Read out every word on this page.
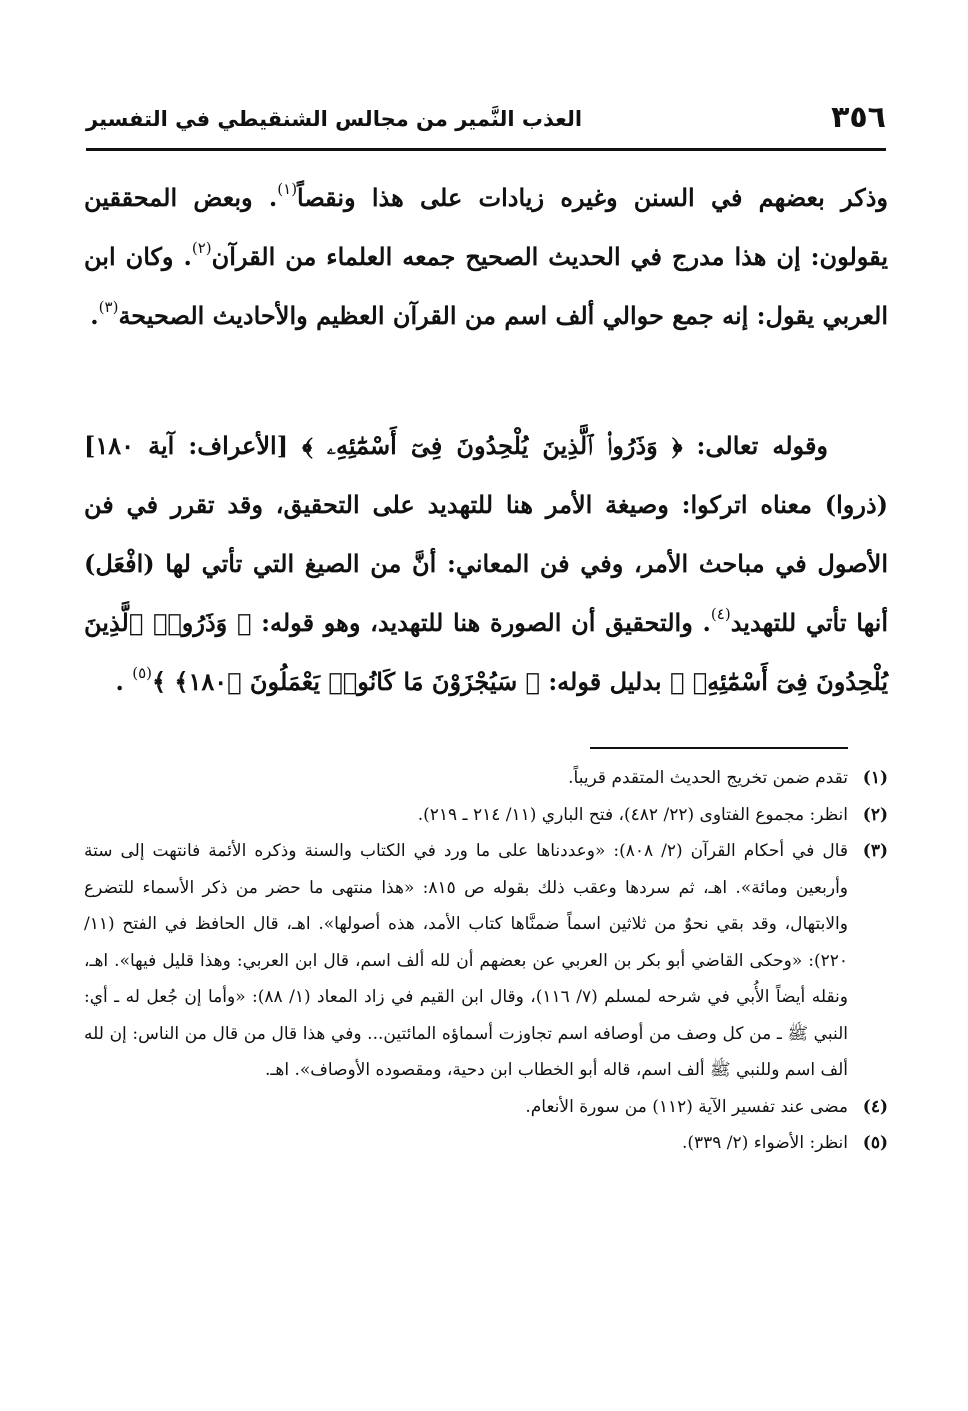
٣٥٦
العذب النَّمير من مجالس الشنقيطي في التفسير

وذكر بعضهم في السنن وغيره زيادات على هذا ونقصاً$^{(١)}$. وبعض المحققين يقولون: إن هذا مدرج في الحديث الصحيح جمعه العلماء من القرآن$^{(٢)}$. وكان ابن العربي يقول: إنه جمع حوالي ألف اسم من القرآن العظيم والأحاديث الصحيحة$^{(٣)}$.

وقوله تعالى: ﴿ وَذَرُوا۟ ٱلَّذِينَ يُلْحِدُونَ فِىٓ أَسْمَٰٓئِهِۦ ﴾ [الأعراف: آية ١٨٠] (ذروا) معناه اتركوا: وصيغة الأمر هنا للتهديد على التحقيق، وقد تقرر في فن الأصول في مباحث الأمر، وفي فن المعاني: أنَّ من الصيغ التي تأتي لها (افْعَل) أنها تأتي للتهديد$^{(٤)}$. والتحقيق أن الصورة هنا للتهديد، وهو قوله: ﴿ وَذَرُوا۟ ٱلَّذِينَ يُلْحِدُونَ فِىٓ أَسْمَٰٓئِهِۦ ﴾ بدليل قوله: ﴿ سَيُجْزَوْنَ مَا كَانُوا۟ يَعْمَلُونَ ﴿١٨٠﴾ ﴾$^{(٥)}$ .

(١)
تقدم ضمن تخريج الحديث المتقدم قريباً.
(٢)
انظر: مجموع الفتاوى (٢٢/ ٤٨٢)، فتح الباري (١١/ ٢١٤ ـ ٢١٩).
(٣)
قال في أحكام القرآن (٢/ ٨٠٨): «وعددناها على ما ورد في الكتاب والسنة وذكره الأئمة فانتهت إلى ستة وأربعين ومائة». اهـ، ثم سردها وعقب ذلك بقوله ص ٨١٥: «هذا منتهى ما حضر من ذكر الأسماء للتضرع والابتهال، وقد بقي نحوٌ من ثلاثين اسماً ضمنَّاها كتاب الأمد، هذه أصولها». اهـ، قال الحافظ في الفتح (١١/ ٢٢٠): «وحكى القاضي أبو بكر بن العربي عن بعضهم أن لله ألف اسم، قال ابن العربي: وهذا قليل فيها». اهـ، ونقله أيضاً الأُبي في شرحه لمسلم (٧/ ١١٦)، وقال ابن القيم في زاد المعاد (١/ ٨٨): «وأما إن جُعل له ـ أي: النبي ﷺ ـ من كل وصف من أوصافه اسم تجاوزت أسماؤه المائتين... وفي هذا قال من قال من الناس: إن لله ألف اسم وللنبي ﷺ ألف اسم، قاله أبو الخطاب ابن دحية، ومقصوده الأوصاف». اهـ.
(٤)
مضى عند تفسير الآية (١١٢) من سورة الأنعام.
(٥)
انظر: الأضواء (٢/ ٣٣٩).
